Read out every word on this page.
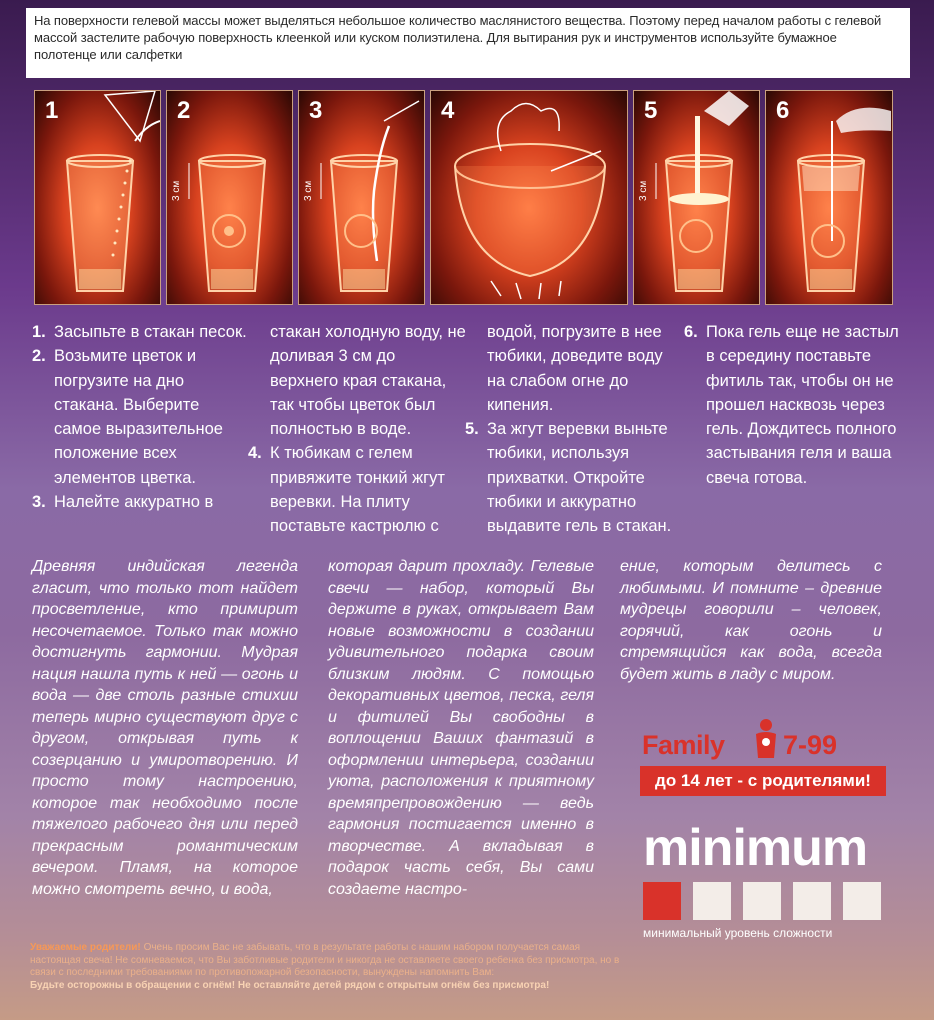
На поверхности гелевой массы может выделяться небольшое количество маслянистого вещества. Поэтому перед началом работы с гелевой массой застелите рабочую поверхность клеенкой или куском полиэтилена. Для вытирания рук и инструментов используйте бумажное полотенце или салфетки
1	2
3 см
3
3 см
4	5
3 см
6
1. Засыпьте в стакан песок.
2. Возьмите цветок и погрузите на дно стакана. Выберите самое выразительное положение всех элементов цветка.
3. Налейте аккуратно в
стакан холодную воду, не доливая 3 см до верхнего края стакана, так чтобы цветок был полностью в воде.
4. К тюбикам с гелем привяжите тонкий жгут веревки. На плиту поставьте кастрюлю с
водой, погрузите в нее тюбики, доведите воду на слабом огне до кипения.
5. За жгут веревки выньте тюбики, используя прихватки. Откройте тюбики и аккуратно выдавите гель в стакан.
6. Пока гель еще не застыл в середину поставьте фитиль так, чтобы он не прошел насквозь через гель. Дождитесь полного застывания геля и ваша свеча готова.

Древняя индийская легенда гласит, что только тот найдет просветление, кто примирит несочетаемое. Только так можно достигнуть гармонии. Мудрая нация нашла путь к ней — огонь и вода — две столь разные стихии теперь мирно существуют друг с другом, открывая путь к созерцанию и умиротворению. И просто тому настроению, которое так необходимо после тяжелого рабочего дня или перед прекрасным романтическим вечером. Пламя, на которое можно смотреть вечно, и вода,

которая дарит прохладу. Гелевые свечи — набор, который Вы держите в руках, открывает Вам новые возможности в создании удивительного подарка своим близким людям. С помощью декоративных цветов, песка, геля и фитилей Вы свободны в воплощении Ваших фантазий в оформлении интерьера, создании уюта, расположения к приятному времяпрепровождению — ведь гармония постигается именно в творчестве. А вкладывая в подарок часть себя, Вы сами создаете настро-

ение, которым делитесь с любимыми. И помните – древние мудрецы говорили – человек, горячий, как огонь и стремящийся как вода, всегда будет жить в ладу с миром.

Family 7-99
до 14 лет - с родителями!
minimum
минимальный уровень сложности
Уважаемые родители! Очень просим Вас не забывать, что в результате работы с нашим набором получается самая настоящая свеча! Не сомневаемся, что Вы заботливые родители и никогда не оставляете своего ребенка без присмотра, но в связи с последними требованиями по противопожарной безопасности, вынуждены напомнить Вам:
Будьте осторожны в обращении с огнём! Не оставляйте детей рядом с открытым огнём без присмотра!
